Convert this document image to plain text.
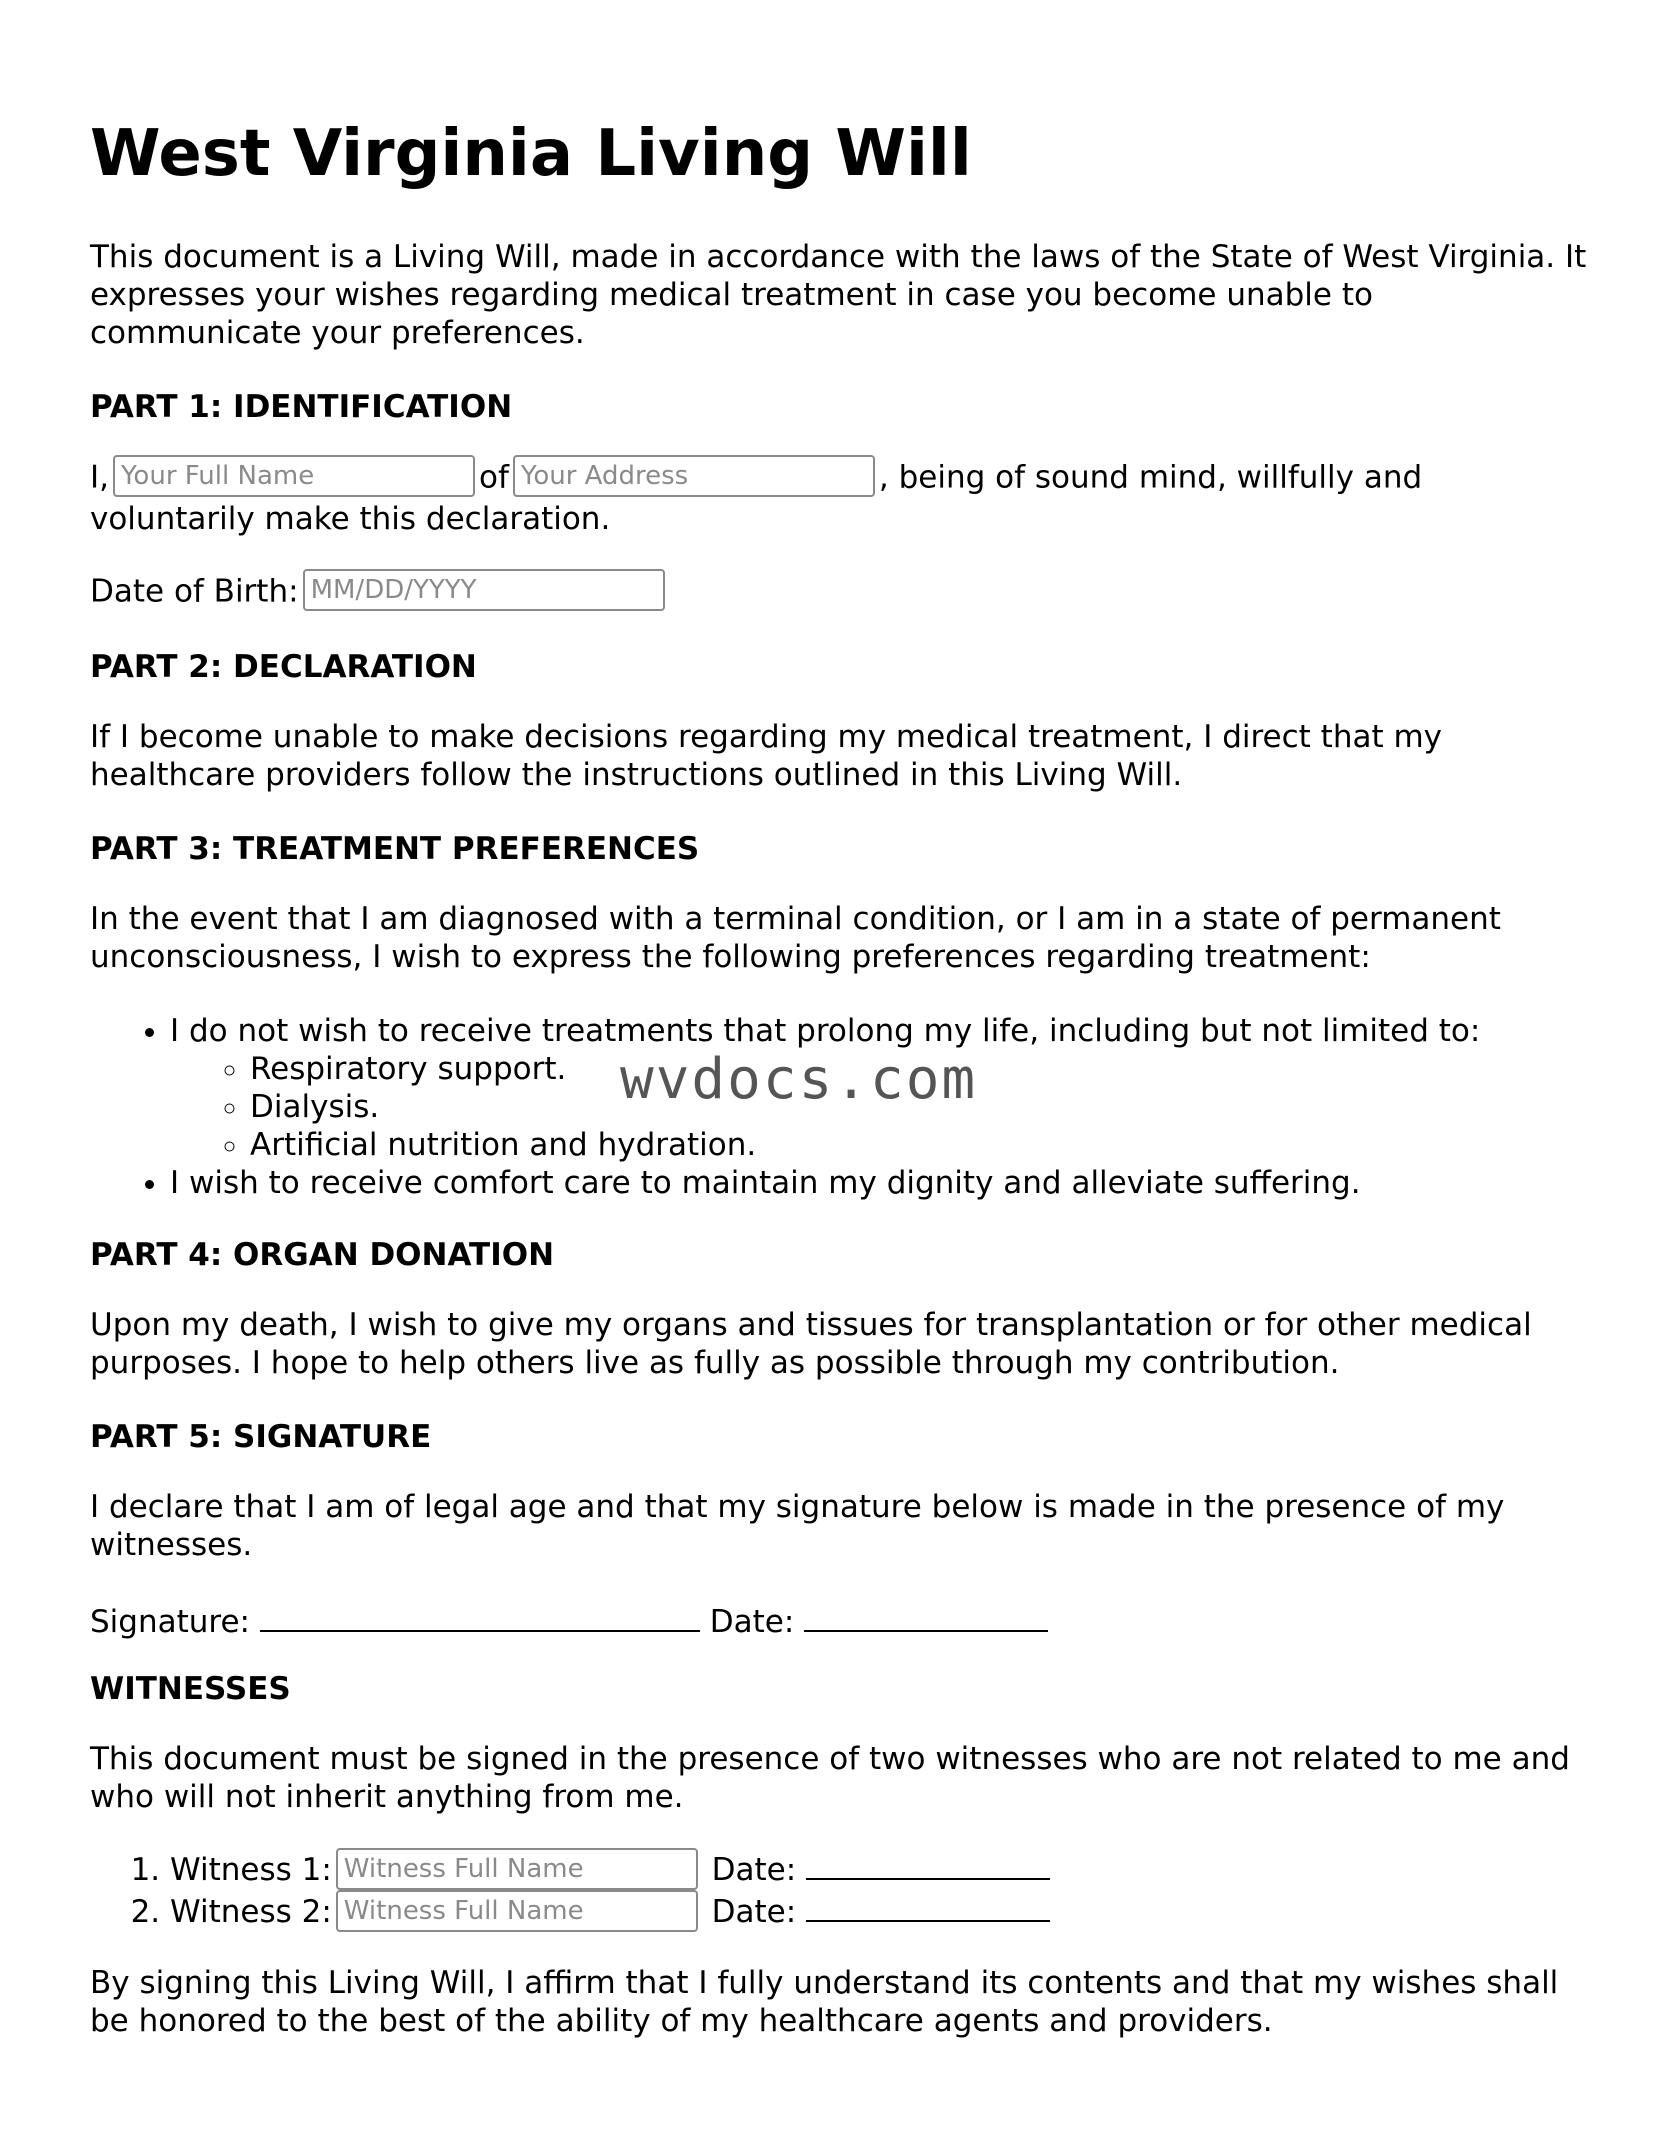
West Virginia Living Will

This document is a Living Will, made in accordance with the laws of the State of West Virginia. It expresses your wishes regarding medical treatment in case you become unable to communicate your preferences.

PART 1: IDENTIFICATION
I,Your Full Name	ofYour Address	, being of sound mind, willfully and voluntarily make this declaration.
Date of Birth:MM/DD/YYYY
PART 2: DECLARATION

If I become unable to make decisions regarding my medical treatment, I direct that my healthcare providers follow the instructions outlined in this Living Will.

PART 3: TREATMENT PREFERENCES

In the event that I am diagnosed with a terminal condition, or I am in a state of permanent unconsciousness, I wish to express the following preferences regarding treatment:

• I do not wish to receive treatments that prolong my life, including but not limited to:
◦ Respiratory support.
◦ Dialysis.
◦ Artificial nutrition and hydration.
• I wish to receive comfort care to maintain my dignity and alleviate suffering.
PART 4: ORGAN DONATION

Upon my death, I wish to give my organs and tissues for transplantation or for other medical purposes. I hope to help others live as fully as possible through my contribution.

PART 5: SIGNATURE

I declare that I am of legal age and that my signature below is made in the presence of my witnesses.

Signature:	Date:
WITNESSES

This document must be signed in the presence of two witnesses who are not related to me and who will not inherit anything from me.

1. Witness 1:Witness Full Name	Date:
2. Witness 2:Witness Full Name	Date:

By signing this Living Will, I affirm that I fully understand its contents and that my wishes shall be honored to the best of the ability of my healthcare agents and providers.

wvdocs.com
